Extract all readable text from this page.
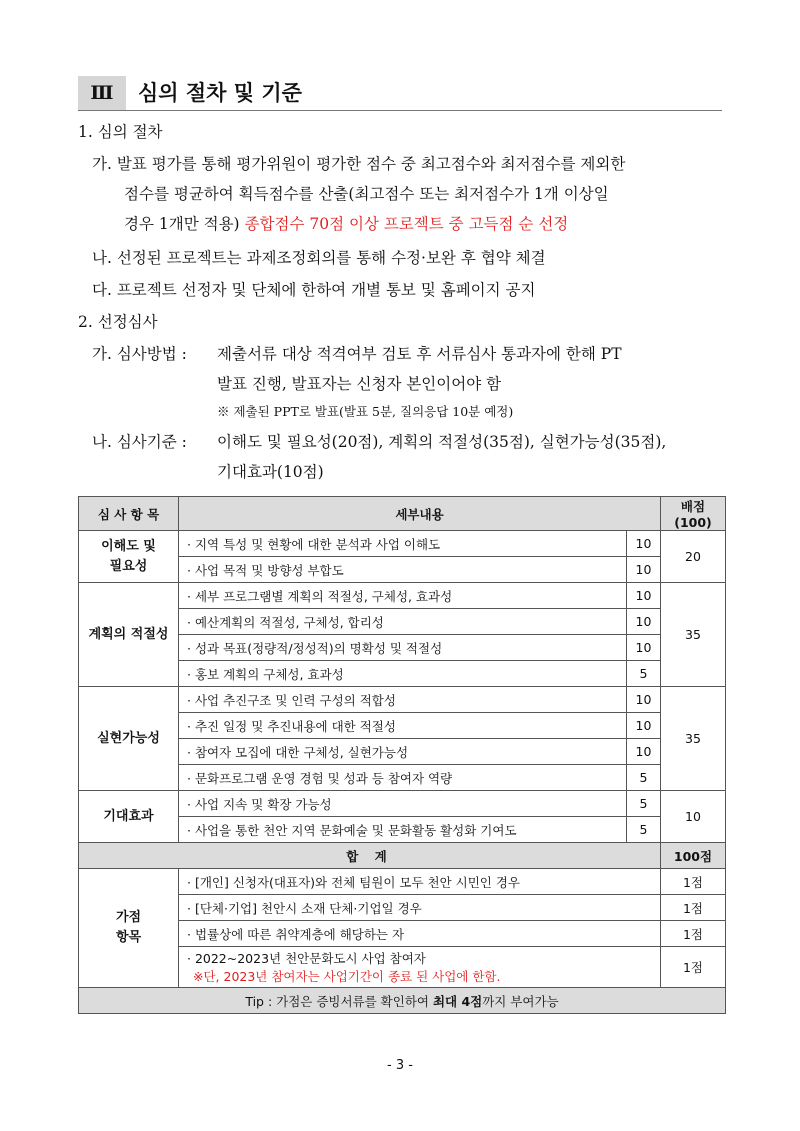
Ⅲ	심의 절차 및 기준
1. 심의 절차
가. 발표 평가를 통해 평가위원이 평가한 점수 중 최고점수와 최저점수를 제외한
점수를 평균하여 획득점수를 산출(최고점수 또는 최저점수가 1개 이상일
경우 1개만 적용) 종합점수 70점 이상 프로젝트 중 고득점 순 선정
나. 선정된 프로젝트는 과제조정회의를 통해 수정·보완 후 협약 체결
다. 프로젝트 선정자 및 단체에 한하여 개별 통보 및 홈페이지 공지
2. 선정심사
가. 심사방법 : 제출서류 대상 적격여부 검토 후 서류심사 통과자에 한해 PT
발표 진행, 발표자는 신청자 본인이어야 함
※ 제출된 PPT로 발표(발표 5분, 질의응답 10분 예정)
나. 심사기준 : 이해도 및 필요성(20점), 계획의 적절성(35점), 실현가능성(35점),
기대효과(10점)
심 사 항 목	세부내용		배점(100)
이해도 및
필요성	· 지역 특성 및 현황에 대한 분석과 사업 이해도	10	20
	· 사업 목적 및 방향성 부합도	10	
계획의 적절성	· 세부 프로그램별 계획의 적절성, 구체성, 효과성	10	35
	· 예산계획의 적절성, 구체성, 합리성	10	
	· 성과 목표(정량적/정성적)의 명확성 및 적절성	10	
	· 홍보 계획의 구체성, 효과성	5	
실현가능성	· 사업 추진구조 및 인력 구성의 적합성	10	35
	· 추진 일정 및 추진내용에 대한 적절성	10	
	· 참여자 모집에 대한 구체성, 실현가능성	10	
	· 문화프로그램 운영 경험 및 성과 등 참여자 역량	5	
기대효과	· 사업 지속 및 확장 가능성	5	10
	· 사업을 통한 천안 지역 문화예술 및 문화활동 활성화 기여도	5	
합 계			100점
가점
항목	· [개인] 신청자(대표자)와 전체 팀원이 모두 천안 시민인 경우		1점

	· [단체·기업] 천안시 소재 단체·기업일 경우		1점

	· 법률상에 따른 취약계층에 해당하는 자		1점

	· 2022~2023년 천안문화도시 사업 참여자
※단, 2023년 참여자는 사업기간이 종료 된 사업에 한함.		1점
Tip : 가점은 증빙서류를 확인하여 최대 4점까지 부여가능			
- 3 -
